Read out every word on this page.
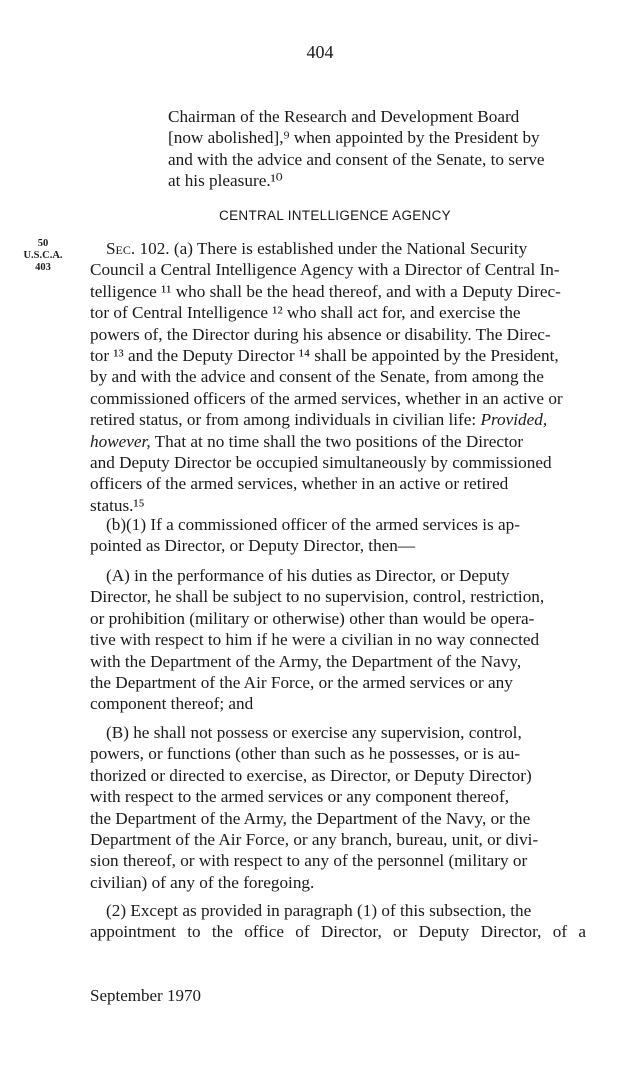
404
Chairman of the Research and Development Board
[now abolished],⁹ when appointed by the President by
and with the advice and consent of the Senate, to serve
at his pleasure.¹⁰
CENTRAL INTELLIGENCE AGENCY
50
U.S.C.A.
403
Sec. 102. (a) There is established under the National Security
Council a Central Intelligence Agency with a Director of Central In-
telligence ¹¹ who shall be the head thereof, and with a Deputy Direc-
tor of Central Intelligence ¹² who shall act for, and exercise the
powers of, the Director during his absence or disability. The Direc-
tor ¹³ and the Deputy Director ¹⁴ shall be appointed by the President,
by and with the advice and consent of the Senate, from among the
commissioned officers of the armed services, whether in an active or
retired status, or from among individuals in civilian life: Provided,
however, That at no time shall the two positions of the Director
and Deputy Director be occupied simultaneously by commissioned
officers of the armed services, whether in an active or retired
status.¹⁵
(b)(1) If a commissioned officer of the armed services is ap-
pointed as Director, or Deputy Director, then—
(A) in the performance of his duties as Director, or Deputy
Director, he shall be subject to no supervision, control, restriction,
or prohibition (military or otherwise) other than would be opera-
tive with respect to him if he were a civilian in no way connected
with the Department of the Army, the Department of the Navy,
the Department of the Air Force, or the armed services or any
component thereof; and
(B) he shall not possess or exercise any supervision, control,
powers, or functions (other than such as he possesses, or is au-
thorized or directed to exercise, as Director, or Deputy Director)
with respect to the armed services or any component thereof,
the Department of the Army, the Department of the Navy, or the
Department of the Air Force, or any branch, bureau, unit, or divi-
sion thereof, or with respect to any of the personnel (military or
civilian) of any of the foregoing.
(2) Except as provided in paragraph (1) of this subsection, the
appointment to the office of Director, or Deputy Director, of a
September 1970
